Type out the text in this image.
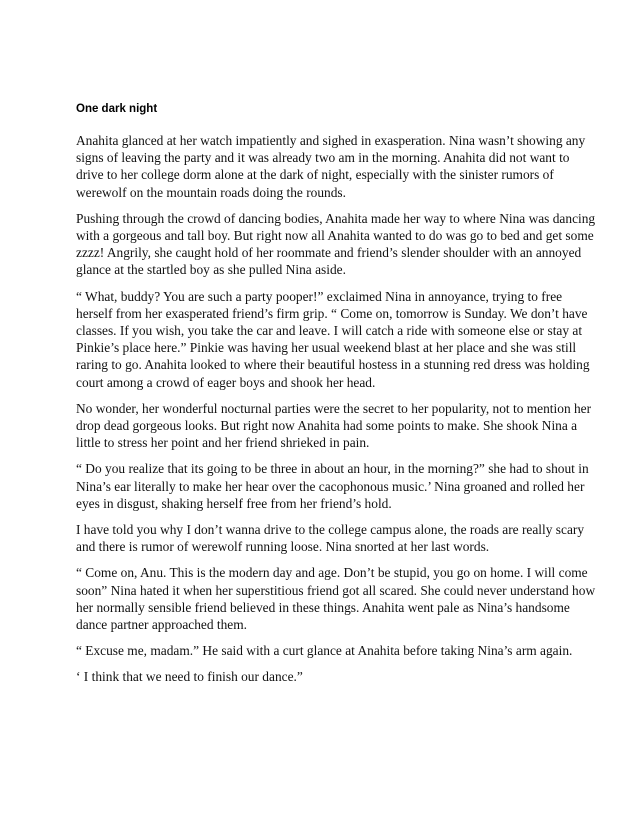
One dark night

Anahita glanced at her watch impatiently and sighed in exasperation. Nina wasn’t showing any
signs of leaving the party and it was already two am in the morning. Anahita did not want to
drive to her college dorm alone at the dark of night, especially with the sinister rumors of
werewolf on the mountain roads doing the rounds.

Pushing through the crowd of dancing bodies, Anahita made her way to where Nina was dancing
with a gorgeous and tall boy. But right now all Anahita wanted to do was go to bed and get some
zzzz! Angrily, she caught hold of her roommate and friend’s slender shoulder with an annoyed
glance at the startled boy as she pulled Nina aside.

“ What, buddy? You are such a party pooper!” exclaimed Nina in annoyance, trying to free
herself from her exasperated friend’s firm grip. “ Come on, tomorrow is Sunday. We don’t have
classes. If you wish, you take the car and leave. I will catch a ride with someone else or stay at
Pinkie’s place here.” Pinkie was having her usual weekend blast at her place and she was still
raring to go. Anahita looked to where their beautiful hostess in a stunning red dress was holding
court among a crowd of eager boys and shook her head.

No wonder, her wonderful nocturnal parties were the secret to her popularity, not to mention her
drop dead gorgeous looks. But right now Anahita had some points to make. She shook Nina a
little to stress her point and her friend shrieked in pain.

“ Do you realize that its going to be three in about an hour, in the morning?” she had to shout in
Nina’s ear literally to make her hear over the cacophonous music.’ Nina groaned and rolled her
eyes in disgust, shaking herself free from her friend’s hold.

I have told you why I don’t wanna drive to the college campus alone, the roads are really scary
and there is rumor of werewolf running loose. Nina snorted at her last words.

“ Come on, Anu. This is the modern day and age. Don’t be stupid, you go on home. I will come
soon” Nina hated it when her superstitious friend got all scared. She could never understand how
her normally sensible friend believed in these things. Anahita went pale as Nina’s handsome
dance partner approached them.

“ Excuse me, madam.” He said with a curt glance at Anahita before taking Nina’s arm again.

‘ I think that we need to finish our dance.”
